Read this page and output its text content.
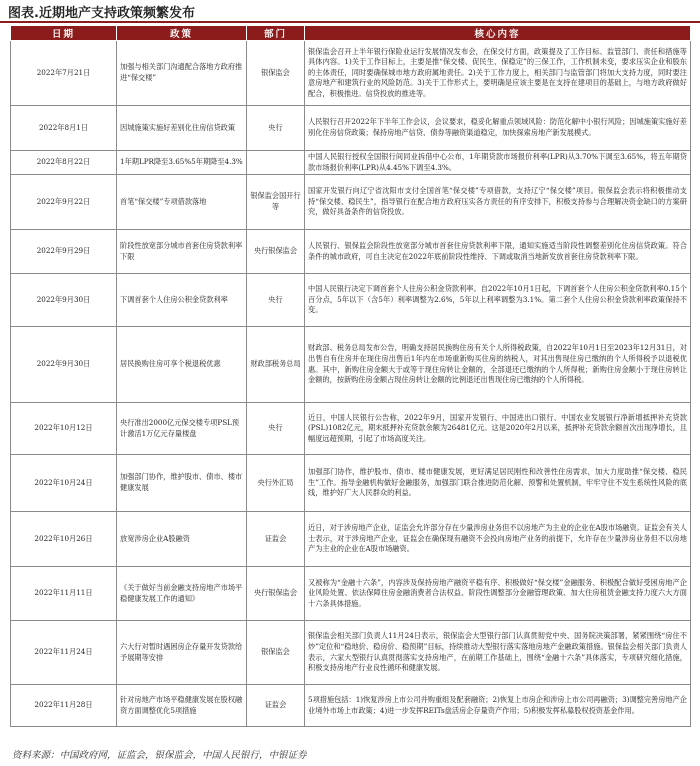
图表.近期地产支持政策频繁发布
日期	政策	部门	核心内容
2022年7月21日	加强与相关部门沟通配合落地方政府推进“保交楼”	银保监会	银保监会召开上半年银行保险业运行发展情况发布会，在保交付方面，政策提及了工作目标、监管部门、责任和措施等具体内容。1)关于工作目标上，主要是推“保交楼、促民生、保稳定”的三保工作，工作机制未变，要求压实企业和股东的主体责任，同时要确保城市地方政府属地责任。2)关于工作力度上，相关部门与监管部门将加大支持力度，同时要注意房地产和建筑行业的风险防范。3)关于工作形式上，要明确是应该主要是在支持在建项目的基础上，与地方政府做好配合，积极推进。信贷投放的推进等。
2022年8月1日	因城施策实施好差别化住房信贷政策	央行	人民银行召开2022年下半年工作会议，会议要求，稳妥化解重点领域风险：防范化解中小银行风险；因城施策实施好差别化住房信贷政策；保持房地产信贷、债券等融资渠道稳定，加快探索房地产新发展模式。
2022年8月22日	1年期LPR降至3.65%5年期降至4.3%		中国人民银行授权全国银行间同业拆借中心公布，1年期贷款市场报价利率(LPR)从3.70%下调至3.65%，将五年期贷款市场报价利率(LPR)从4.45%下调至4.3%。
2022年9月22日	首笔“保交楼”专项借款落地	银保监会国开行等	国家开发银行向辽宁省沈阳市支付全国首笔“保交楼”专项借款，支持辽宁“保交楼”项目。银保监会表示将积极推动支持“保交楼、稳民生”，指导银行在配合地方政府压实各方责任的有序安排下，积极支持参与合理解决资金缺口的方案研究，做好具备条件的信贷投放。
2022年9月29日	阶段性放宽部分城市首套住房贷款利率下限	央行银保监会	人民银行、银保监会阶段性放宽部分城市首套住房贷款利率下限，通知实施适当阶段性调整差别化住房信贷政策。符合条件的城市政府，可自主决定在2022年底前阶段性维持、下调或取消当地新发放首套住房贷款利率下限。
2022年9月30日	下调首套个人住房公积金贷款利率	央行	中国人民银行决定下调首套个人住房公积金贷款利率。自2022年10月1日起，下调首套个人住房公积金贷款利率0.15个百分点，5年以下（含5年）利率调整为2.6%，5年以上利率调整为3.1%。第二套个人住房公积金贷款利率政策保持不变。
2022年9月30日	居民换购住房可享个税退税优惠	财政部税务总局	财政部、税务总局发布公告，明确支持居民换购住房有关个人所得税政策，自2022年10月1日至2023年12月31日，对出售自有住房并在现住房出售后1年内在市场重新购买住房的纳税人，对其出售现住房已缴纳的个人所得税予以退税优惠。其中，新购住房金额大于或等于现住房转让金额的，全部退还已缴纳的个人所得税；新购住房金额小于现住房转让金额的，按新购住房金额占现住房转让金额的比例退还出售现住房已缴纳的个人所得税。
2022年10月12日	央行准出2000亿元保交楼专项PSL预计激活1万亿元存量楼盘	央行	近日，中国人民银行公告称，2022年9月，国家开发银行、中国进出口银行、中国农业发展银行净新增抵押补充贷款(PSL)1082亿元，期末抵押补充贷款余额为26481亿元。这是2020年2月以来，抵押补充贷款余额首次出现净增长，且幅度远超预期，引起了市场高度关注。
2022年10月24日	加强部门协作，维护股市、债市、楼市健康发展	央行外汇局	加强部门协作，维护股市、债市、楼市健康发展，更好满足居民刚性和改善性住房需求，加大力度助推“保交楼、稳民生”工作。指导金融机构做好金融服务，加强部门联合推进防范化解、预警和处置机制，牢牢守住不发生系统性风险的底线，维护好广大人民群众的利益。
2022年10月26日	放宽涉房企业A股融资	证监会	近日，对于涉房地产企业，证监会允许部分存在少量涉房业务但不以房地产为主业的企业在A股市场融资。证监会有关人士表示，对于涉房地产企业，证监会在确保现有融资不会投向房地产业务的前提下，允许存在少量涉房业务但不以房地产为主业的企业在A股市场融资。
2022年11月11日	《关于做好当前金融支持房地产市场平稳健康发展工作的通知》	央行银保监会	又被称为“金融十六条”，内容涉及保持房地产融资平稳有序、积极做好“保交楼”金融服务、积极配合做好受困房地产企业风险处置、依法保障住房金融消费者合法权益、阶段性调整部分金融管理政策、加大住房租赁金融支持力度六大方面十六条具体措施。
2022年11月24日	六大行对暂时遇困房企存量开发贷款给予展期等安排	银保监会	银保监会相关部门负责人11月24日表示，银保监会大型银行部门认真贯彻党中央、国务院决策部署，紧紧围绕“房住不炒”定位和“稳地价、稳房价、稳预期”目标，持续推动大型银行落实落地房地产金融政策措施。银保监会相关部门负责人表示，六家大型银行认真贯彻落实支持房地产，在前期工作基础上，围绕“金融十六条”具体落实，专项研究细化措施，积极支持房地产行业良性循环和健康发展。
2022年11月28日	针对房地产市场平稳健康发展在股权融资方面调整优化5项措施	证监会	5项措施包括：1)恢复涉房上市公司并购重组及配套融资；2)恢复上市房企和涉房上市公司再融资；3)调整完善房地产企业境外市场上市政策；4)进一步发挥REITs盘活房企存量资产作用；5)积极发挥私募股权投资基金作用。
资料来源：中国政府网，证监会，银保监会，中国人民银行，中银证券
